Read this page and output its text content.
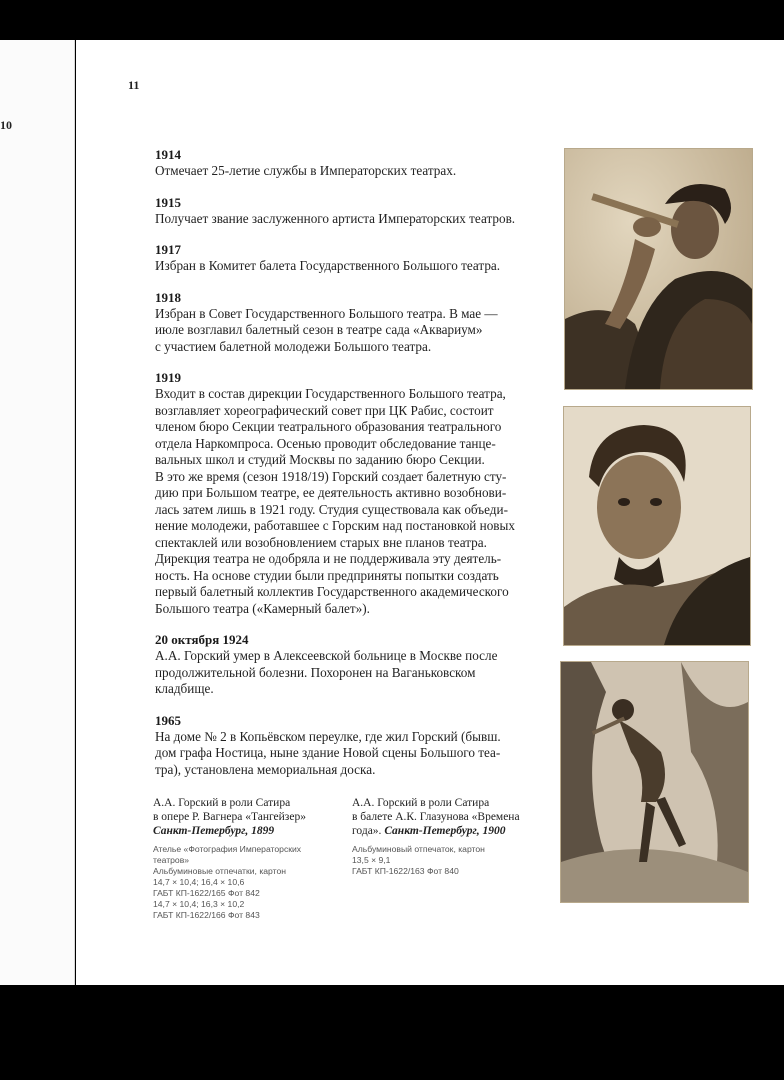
10
11
1914
Отмечает 25-летие службы в Императорских театрах.
1915
Получает звание заслуженного артиста Императорских театров.
1917
Избран в Комитет балета Государственного Большого театра.
1918
Избран в Совет Государственного Большого театра. В мае —
июле возглавил балетный сезон в театре сада «Аквариум»
с участием балетной молодежи Большого театра.
1919
Входит в состав дирекции Государственного Большого театра,
возглавляет хореографический совет при ЦК Рабис, состоит
членом бюро Секции театрального образования театрального
отдела Наркомпроса. Осенью проводит обследование танце-
вальных школ и студий Москвы по заданию бюро Секции.
В это же время (сезон 1918/19) Горский создает балетную сту-
дию при Большом театре, ее деятельность активно возобнови-
лась затем лишь в 1921 году. Студия существовала как объеди-
нение молодежи, работавшее с Горским над постановкой новых
спектаклей или возобновлением старых вне планов театра.
Дирекция театра не одобряла и не поддерживала эту деятель-
ность. На основе студии были предприняты попытки создать
первый балетный коллектив Государственного академического
Большого театра («Камерный балет»).
20 октября 1924
А.А. Горский умер в Алексеевской больнице в Москве после
продолжительной болезни. Похоронен на Ваганьковском
кладбище.
1965
На доме № 2 в Копьёвском переулке, где жил Горский (бывш.
дом графа Ностица, ныне здание Новой сцены Большого теа-
тра), установлена мемориальная доска.
А.А. Горский в роли Сатира
в опере Р. Вагнера «Тангейзер»
Санкт-Петербург, 1899
Ателье «Фотография Императорских
театров»
Альбуминовые отпечатки, картон
14,7 × 10,4; 16,4 × 10,6
ГАБТ КП-1622/165 Фот 842
14,7 × 10,4; 16,3 × 10,2
ГАБТ КП-1622/166 Фот 843
А.А. Горский в роли Сатира
в балете А.К. Глазунова «Времена
года». Санкт-Петербург, 1900
Альбуминовый отпечаток, картон
13,5 × 9,1
ГАБТ КП-1622/163 Фот 840
